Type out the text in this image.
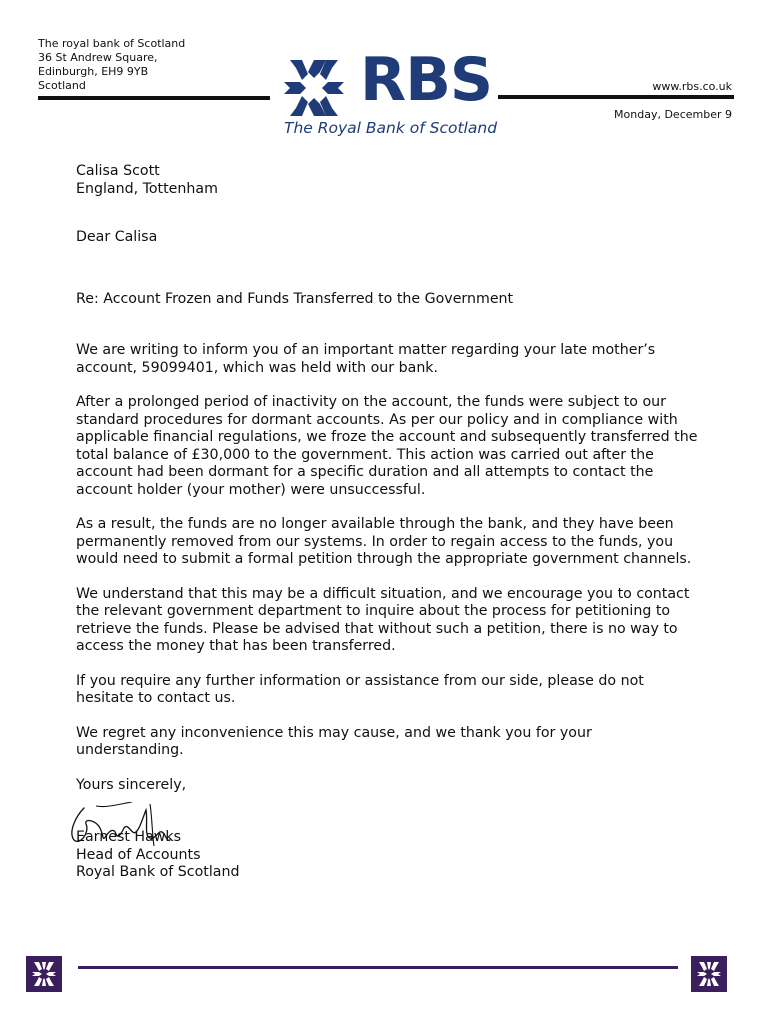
The royal bank of Scotland
36 St Andrew Square,
Edinburgh, EH9 9YB
Scotland	RBS
The Royal Bank of Scotland
www.rbs.co.uk
Monday, December 9
Calisa Scott
England, Tottenham

Dear Calisa

Re: Account Frozen and Funds Transferred to the Government

We are writing to inform you of an important matter regarding your late mother’s account, 59099401, which was held with our bank.

After a prolonged period of inactivity on the account, the funds were subject to our standard procedures for dormant accounts. As per our policy and in compliance with applicable financial regulations, we froze the account and subsequently transferred the total balance of £30,000 to the government. This action was carried out after the account had been dormant for a specific duration and all attempts to contact the account holder (your mother) were unsuccessful.

As a result, the funds are no longer available through the bank, and they have been permanently removed from our systems. In order to regain access to the funds, you would need to submit a formal petition through the appropriate government channels.

We understand that this may be a difficult situation, and we encourage you to contact the relevant government department to inquire about the process for petitioning to retrieve the funds. Please be advised that without such a petition, there is no way to access the money that has been transferred.

If you require any further information or assistance from our side, please do not hesitate to contact us.

We regret any inconvenience this may cause, and we thank you for your understanding.

Yours sincerely,

Earnest Hawks
Head of Accounts
Royal Bank of Scotland
